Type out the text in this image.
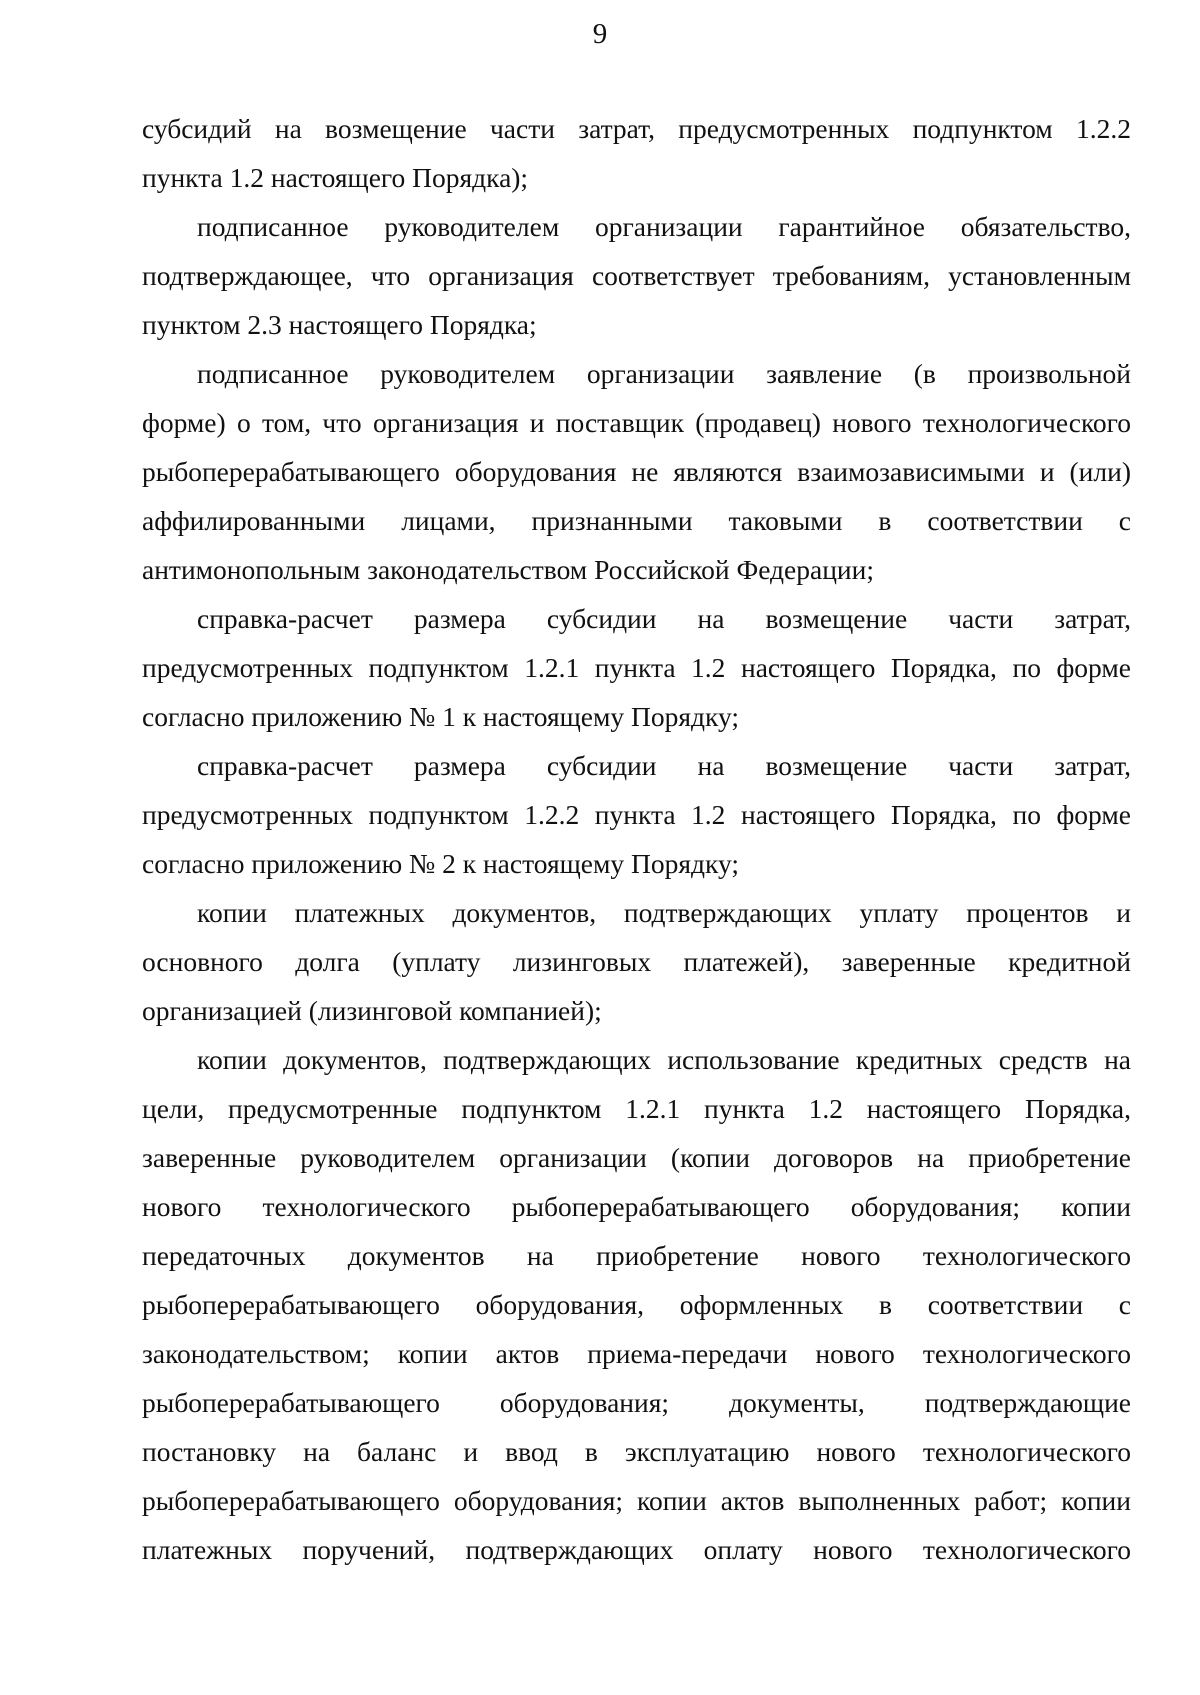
9
субсидий на возмещение части затрат, предусмотренных подпунктом 1.2.2
пункта 1.2 настоящего Порядка);
подписанное руководителем организации гарантийное обязательство,
подтверждающее, что организация соответствует требованиям, установленным
пунктом 2.3 настоящего Порядка;
подписанное руководителем организации заявление (в произвольной
форме) о том, что организация и поставщик (продавец) нового технологического
рыбоперерабатывающего оборудования не являются взаимозависимыми и (или)
аффилированными лицами, признанными таковыми в соответствии с
антимонопольным законодательством Российской Федерации;
справка-расчет размера субсидии на возмещение части затрат,
предусмотренных подпунктом 1.2.1 пункта 1.2 настоящего Порядка, по форме
согласно приложению № 1 к настоящему Порядку;
справка-расчет размера субсидии на возмещение части затрат,
предусмотренных подпунктом 1.2.2 пункта 1.2 настоящего Порядка, по форме
согласно приложению № 2 к настоящему Порядку;
копии платежных документов, подтверждающих уплату процентов и
основного долга (уплату лизинговых платежей), заверенные кредитной
организацией (лизинговой компанией);
копии документов, подтверждающих использование кредитных средств на
цели, предусмотренные подпунктом 1.2.1 пункта 1.2 настоящего Порядка,
заверенные руководителем организации (копии договоров на приобретение
нового технологического рыбоперерабатывающего оборудования; копии
передаточных документов на приобретение нового технологического
рыбоперерабатывающего оборудования, оформленных в соответствии с
законодательством; копии актов приема-передачи нового технологического
рыбоперерабатывающего оборудования; документы, подтверждающие
постановку на баланс и ввод в эксплуатацию нового технологического
рыбоперерабатывающего оборудования; копии актов выполненных работ; копии
платежных поручений, подтверждающих оплату нового технологического
